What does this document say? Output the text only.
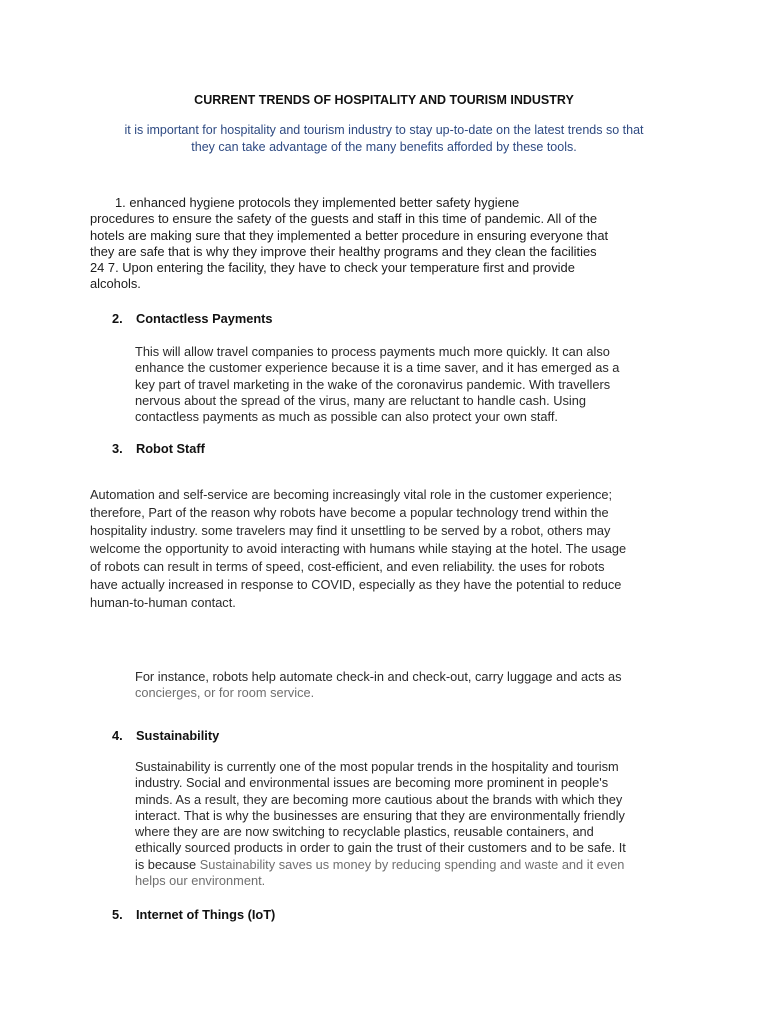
CURRENT TRENDS OF HOSPITALITY AND TOURISM INDUSTRY
it is important for hospitality and tourism industry to stay up-to-date on the latest trends so that
they can take advantage of the many benefits afforded by these tools.
1. enhanced hygiene protocols they implemented better safety hygiene
procedures to ensure the safety of the guests and staff in this time of pandemic. All of the
hotels are making sure that they implemented a better procedure in ensuring everyone that
they are safe that is why they improve their healthy programs and they clean the facilities
24 7. Upon entering the facility, they have to check your temperature first and provide
alcohols.
2. Contactless Payments
This will allow travel companies to process payments much more quickly. It can also
enhance the customer experience because it is a time saver, and it has emerged as a
key part of travel marketing in the wake of the coronavirus pandemic. With travellers
nervous about the spread of the virus, many are reluctant to handle cash. Using
contactless payments as much as possible can also protect your own staff.
3. Robot Staff
Automation and self-service are becoming increasingly vital role in the customer experience;
therefore, Part of the reason why robots have become a popular technology trend within the
hospitality industry. some travelers may find it unsettling to be served by a robot, others may
welcome the opportunity to avoid interacting with humans while staying at the hotel. The usage
of robots can result in terms of speed, cost-efficient, and even reliability. the uses for robots
have actually increased in response to COVID, especially as they have the potential to reduce
human-to-human contact.
For instance, robots help automate check-in and check-out, carry luggage and acts as
concierges, or for room service.
4. Sustainability
Sustainability is currently one of the most popular trends in the hospitality and tourism
industry. Social and environmental issues are becoming more prominent in people's
minds. As a result, they are becoming more cautious about the brands with which they
interact. That is why the businesses are ensuring that they are environmentally friendly
where they are are now switching to recyclable plastics, reusable containers, and
ethically sourced products in order to gain the trust of their customers and to be safe. It
is because Sustainability saves us money by reducing spending and waste and it even
helps our environment.
5. Internet of Things (IoT)
